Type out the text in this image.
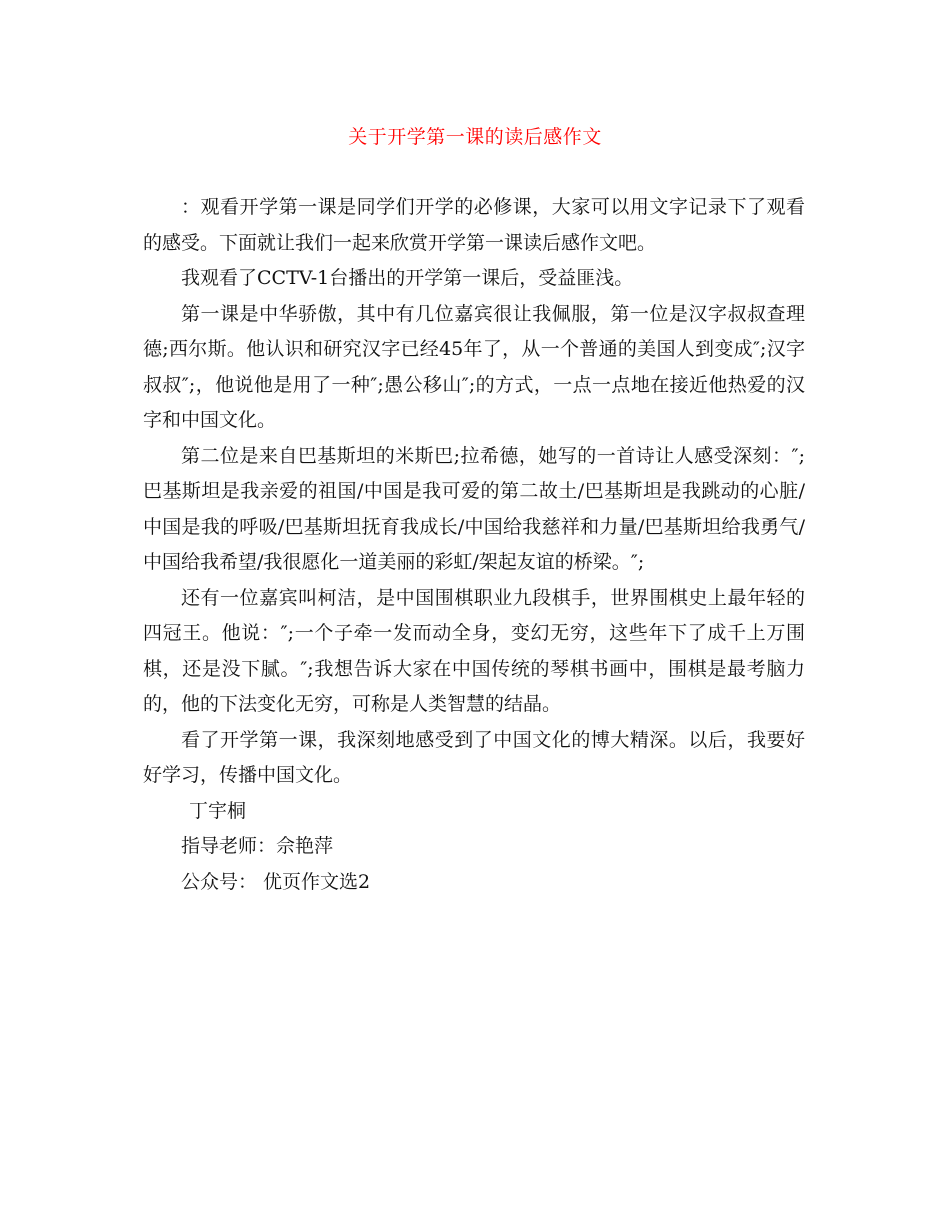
关于开学第一课的读后感作文

：观看开学第一课是同学们开学的必修课，大家可以用文字记录下了观看的感受。下面就让我们一起来欣赏开学第一课读后感作文吧。

我观看了CCTV-1台播出的开学第一课后，受益匪浅。

第一课是中华骄傲，其中有几位嘉宾很让我佩服，第一位是汉字叔叔查理德;西尔斯。他认识和研究汉字已经45年了，从一个普通的美国人到变成″;汉字叔叔″;，他说他是用了一种″;愚公移山″;的方式，一点一点地在接近他热爱的汉字和中国文化。

第二位是来自巴基斯坦的米斯巴;拉希德，她写的一首诗让人感受深刻：″;巴基斯坦是我亲爱的祖国/中国是我可爱的第二故土/巴基斯坦是我跳动的心脏/中国是我的呼吸/巴基斯坦抚育我成长/中国给我慈祥和力量/巴基斯坦给我勇气/中国给我希望/我很愿化一道美丽的彩虹/架起友谊的桥梁。″;

还有一位嘉宾叫柯洁，是中国围棋职业九段棋手，世界围棋史上最年轻的四冠王。他说：″;一个子牵一发而动全身，变幻无穷，这些年下了成千上万围棋，还是没下腻。″;我想告诉大家在中国传统的琴棋书画中，围棋是最考脑力的，他的下法变化无穷，可称是人类智慧的结晶。

看了开学第一课，我深刻地感受到了中国文化的博大精深。以后，我要好好学习，传播中国文化。

丁宇桐

指导老师：佘艳萍

公众号： 优页作文选2
